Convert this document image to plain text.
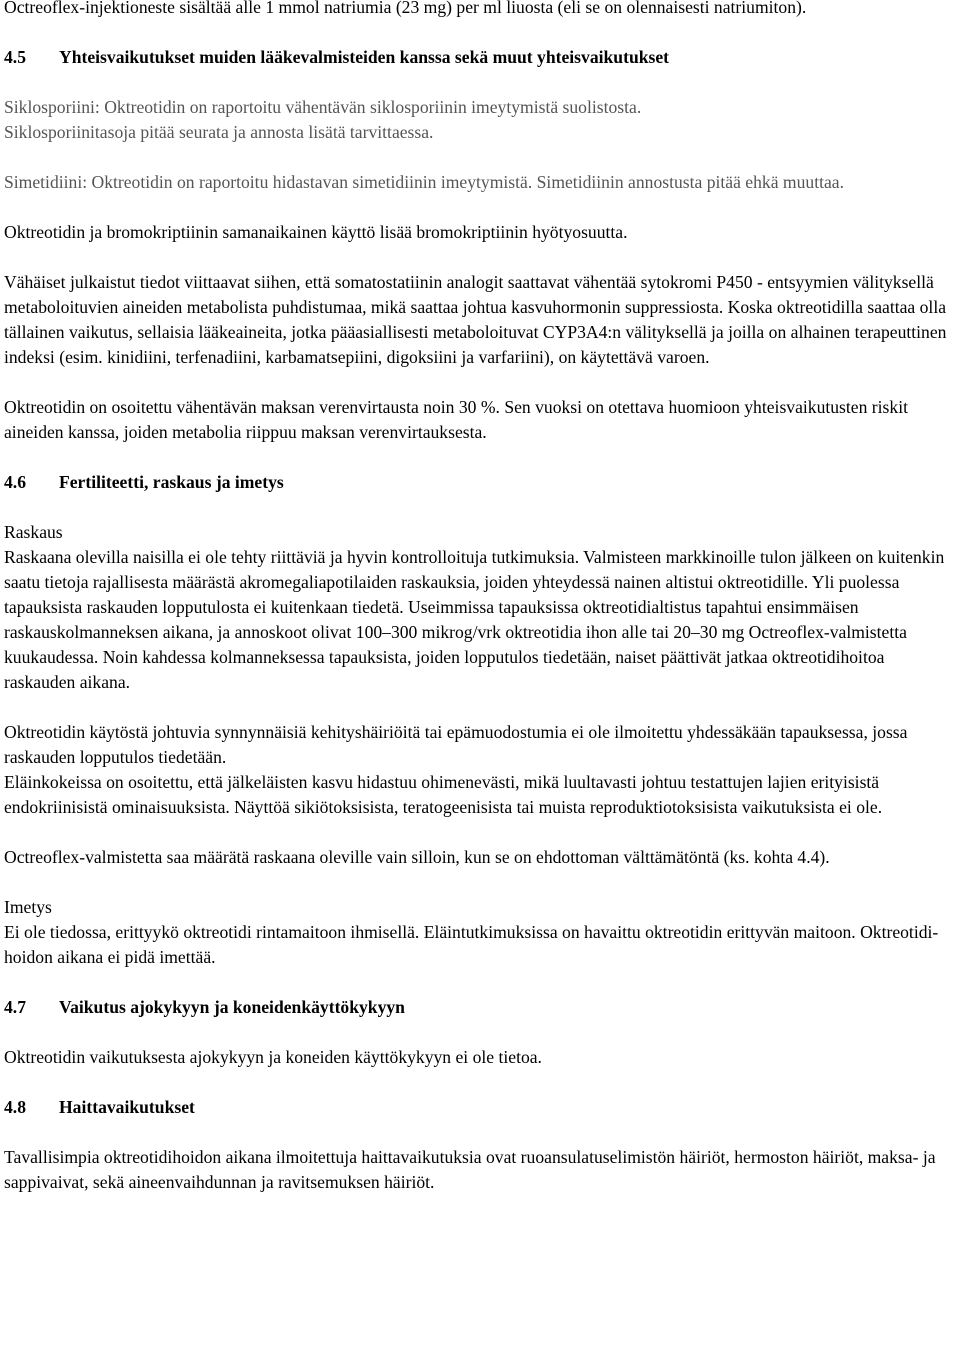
Octreoflex-injektioneste sisältää alle 1 mmol natriumia (23 mg) per ml liuosta (eli se on olennaisesti natriumiton).

4.5	Yhteisvaikutukset muiden lääkevalmisteiden kanssa sekä muut yhteisvaikutukset

Siklosporiini: Oktreotidin on raportoitu vähentävän siklosporiinin imeytymistä suolistosta.

Siklosporiinitasoja pitää seurata ja annosta lisätä tarvittaessa.

Simetidiini: Oktreotidin on raportoitu hidastavan simetidiinin imeytymistä. Simetidiinin annostusta pitää ehkä muuttaa.

Oktreotidin ja bromokriptiinin samanaikainen käyttö lisää bromokriptiinin hyötyosuutta.

Vähäiset julkaistut tiedot viittaavat siihen, että somatostatiinin analogit saattavat vähentää sytokromi P450 - entsyymien välityksellä metaboloituvien aineiden metabolista puhdistumaa, mikä saattaa johtua kasvuhormonin suppressiosta. Koska oktreotidilla saattaa olla tällainen vaikutus, sellaisia lääkeaineita, jotka pääasiallisesti metaboloituvat CYP3A4:n välityksellä ja joilla on alhainen terapeuttinen indeksi (esim. kinidiini, terfenadiini, karbamatsepiini, digoksiini ja varfariini), on käytettävä varoen.

Oktreotidin on osoitettu vähentävän maksan verenvirtausta noin 30 %. Sen vuoksi on otettava huomioon yhteisvaikutusten riskit aineiden kanssa, joiden metabolia riippuu maksan verenvirtauksesta.

4.6	Fertiliteetti, raskaus ja imetys

Raskaus

Raskaana olevilla naisilla ei ole tehty riittäviä ja hyvin kontrolloituja tutkimuksia. Valmisteen markkinoille tulon jälkeen on kuitenkin saatu tietoja rajallisesta määrästä akromegaliapotilaiden raskauksia, joiden yhteydessä nainen altistui oktreotidille. Yli puolessa tapauksista raskauden lopputulosta ei kuitenkaan tiedetä. Useimmissa tapauksissa oktreotidialtistus tapahtui ensimmäisen raskauskolmanneksen aikana, ja annoskoot olivat 100–300 mikrog/vrk oktreotidia ihon alle tai 20–30 mg Octreoflex-valmistetta kuukaudessa. Noin kahdessa kolmanneksessa tapauksista, joiden lopputulos tiedetään, naiset päättivät jatkaa oktreotidihoitoa raskauden aikana.

Oktreotidin käytöstä johtuvia synnynnäisiä kehityshäiriöitä tai epämuodostumia ei ole ilmoitettu yhdessäkään tapauksessa, jossa raskauden lopputulos tiedetään.

Eläinkokeissa on osoitettu, että jälkeläisten kasvu hidastuu ohimenevästi, mikä luultavasti johtuu testattujen lajien erityisistä endokriinisistä ominaisuuksista. Näyttöä sikiötoksisista, teratogeenisista tai muista reproduktiotoksisista vaikutuksista ei ole.

Octreoflex-valmistetta saa määrätä raskaana oleville vain silloin, kun se on ehdottoman välttämätöntä (ks. kohta 4.4).

Imetys

Ei ole tiedossa, erittyykö oktreotidi rintamaitoon ihmisellä. Eläintutkimuksissa on havaittu oktreotidin erittyvän maitoon. Oktreotidi-hoidon aikana ei pidä imettää.

4.7	Vaikutus ajokykyyn ja koneidenkäyttökykyyn

Oktreotidin vaikutuksesta ajokykyyn ja koneiden käyttökykyyn ei ole tietoa.

4.8	Haittavaikutukset

Tavallisimpia oktreotidihoidon aikana ilmoitettuja haittavaikutuksia ovat ruoansulatuselimistön häiriöt, hermoston häiriöt, maksa- ja sappivaivat, sekä aineenvaihdunnan ja ravitsemuksen häiriöt.
